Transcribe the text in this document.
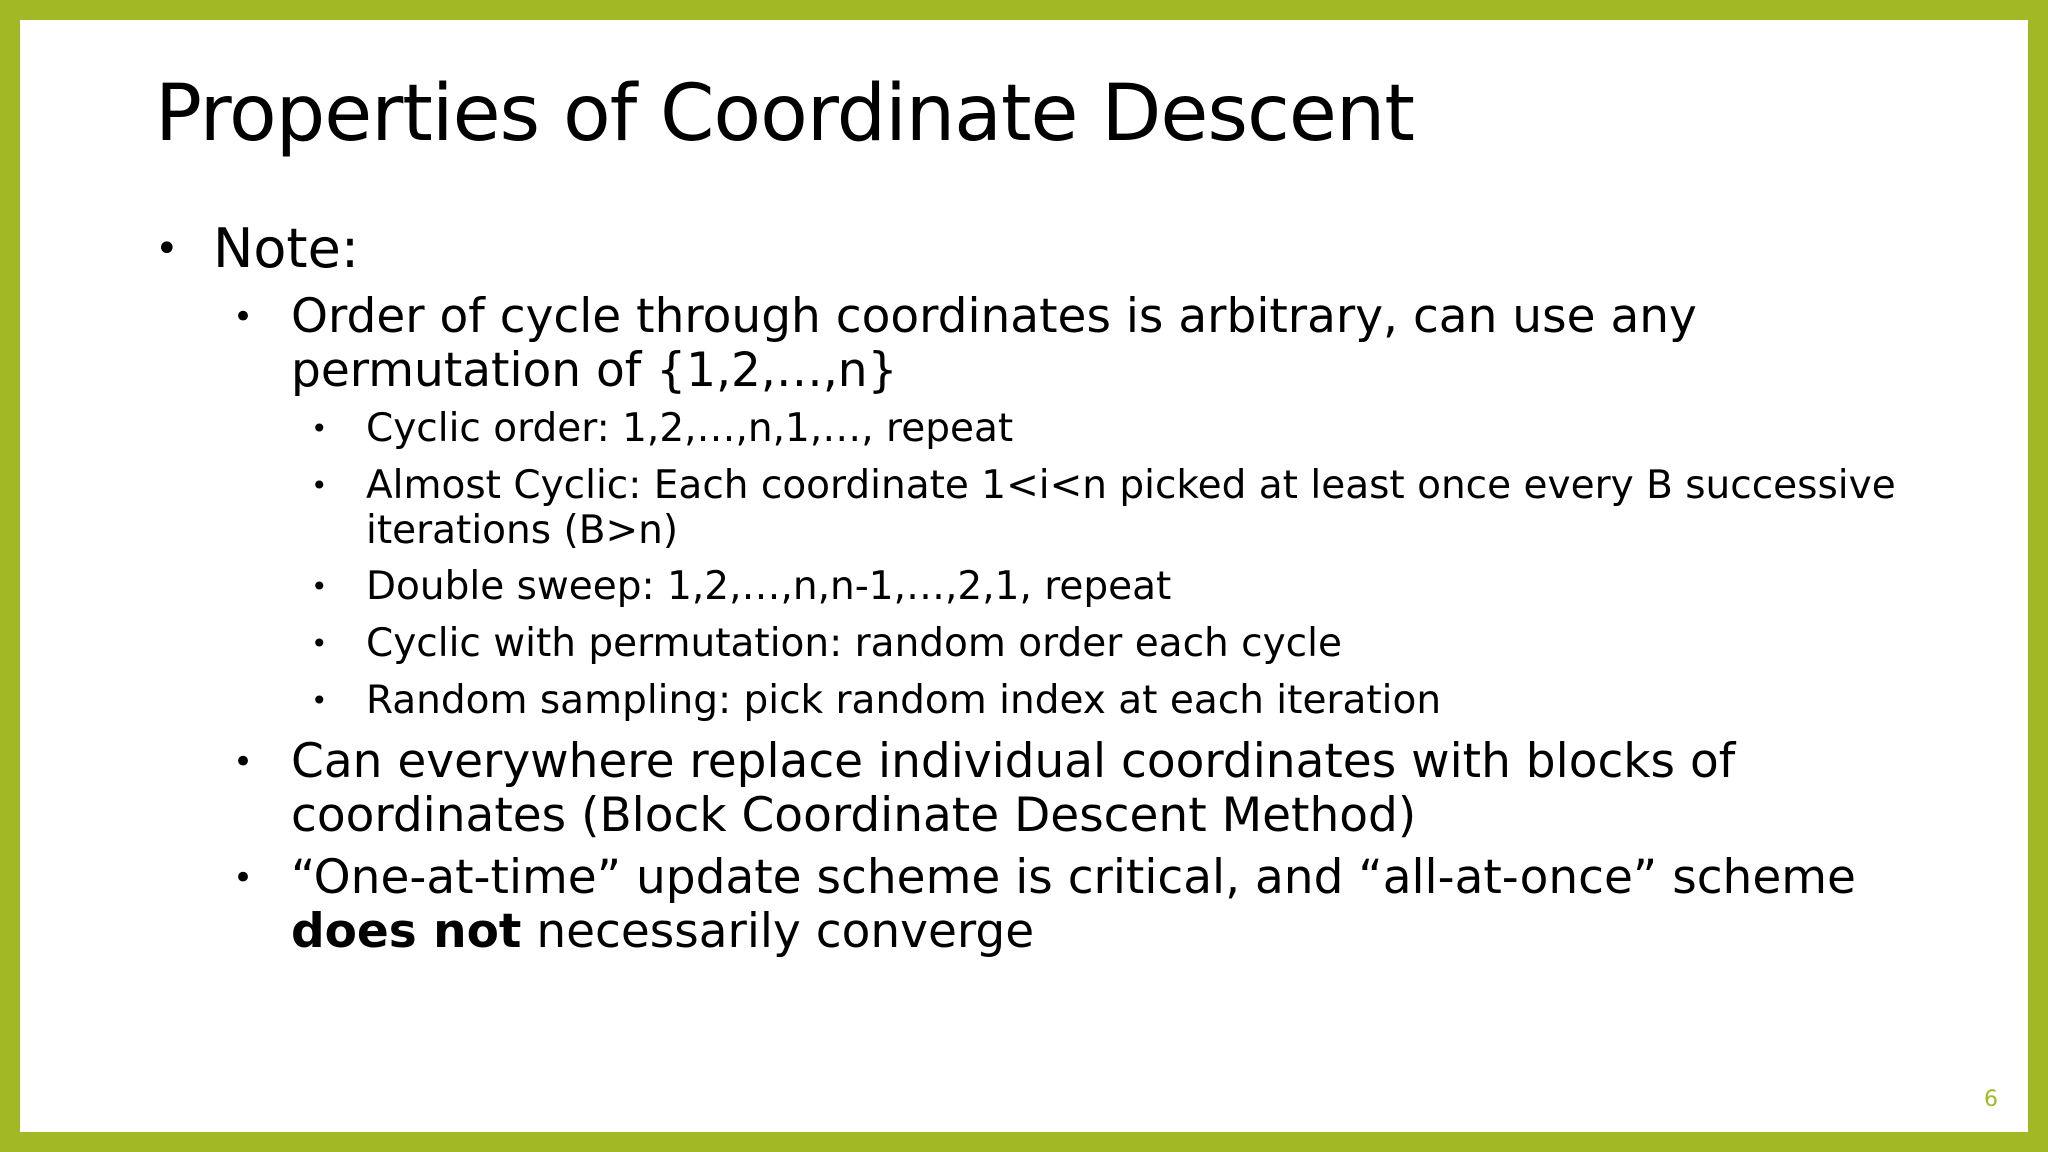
Properties of Coordinate Descent
• Note:
• Order of cycle through coordinates is arbitrary, can use any permutation of {1,2,…,n}
• Cyclic order: 1,2,…,n,1,…, repeat
• Almost Cyclic: Each coordinate 1<i<n picked at least once every B successive iterations (B>n)
• Double sweep: 1,2,…,n,n-1,…,2,1, repeat
• Cyclic with permutation: random order each cycle
• Random sampling: pick random index at each iteration
• Can everywhere replace individual coordinates with blocks of coordinates (Block Coordinate Descent Method)
• “One-at-time” update scheme is critical, and “all-at-once” scheme does not necessarily converge
6
